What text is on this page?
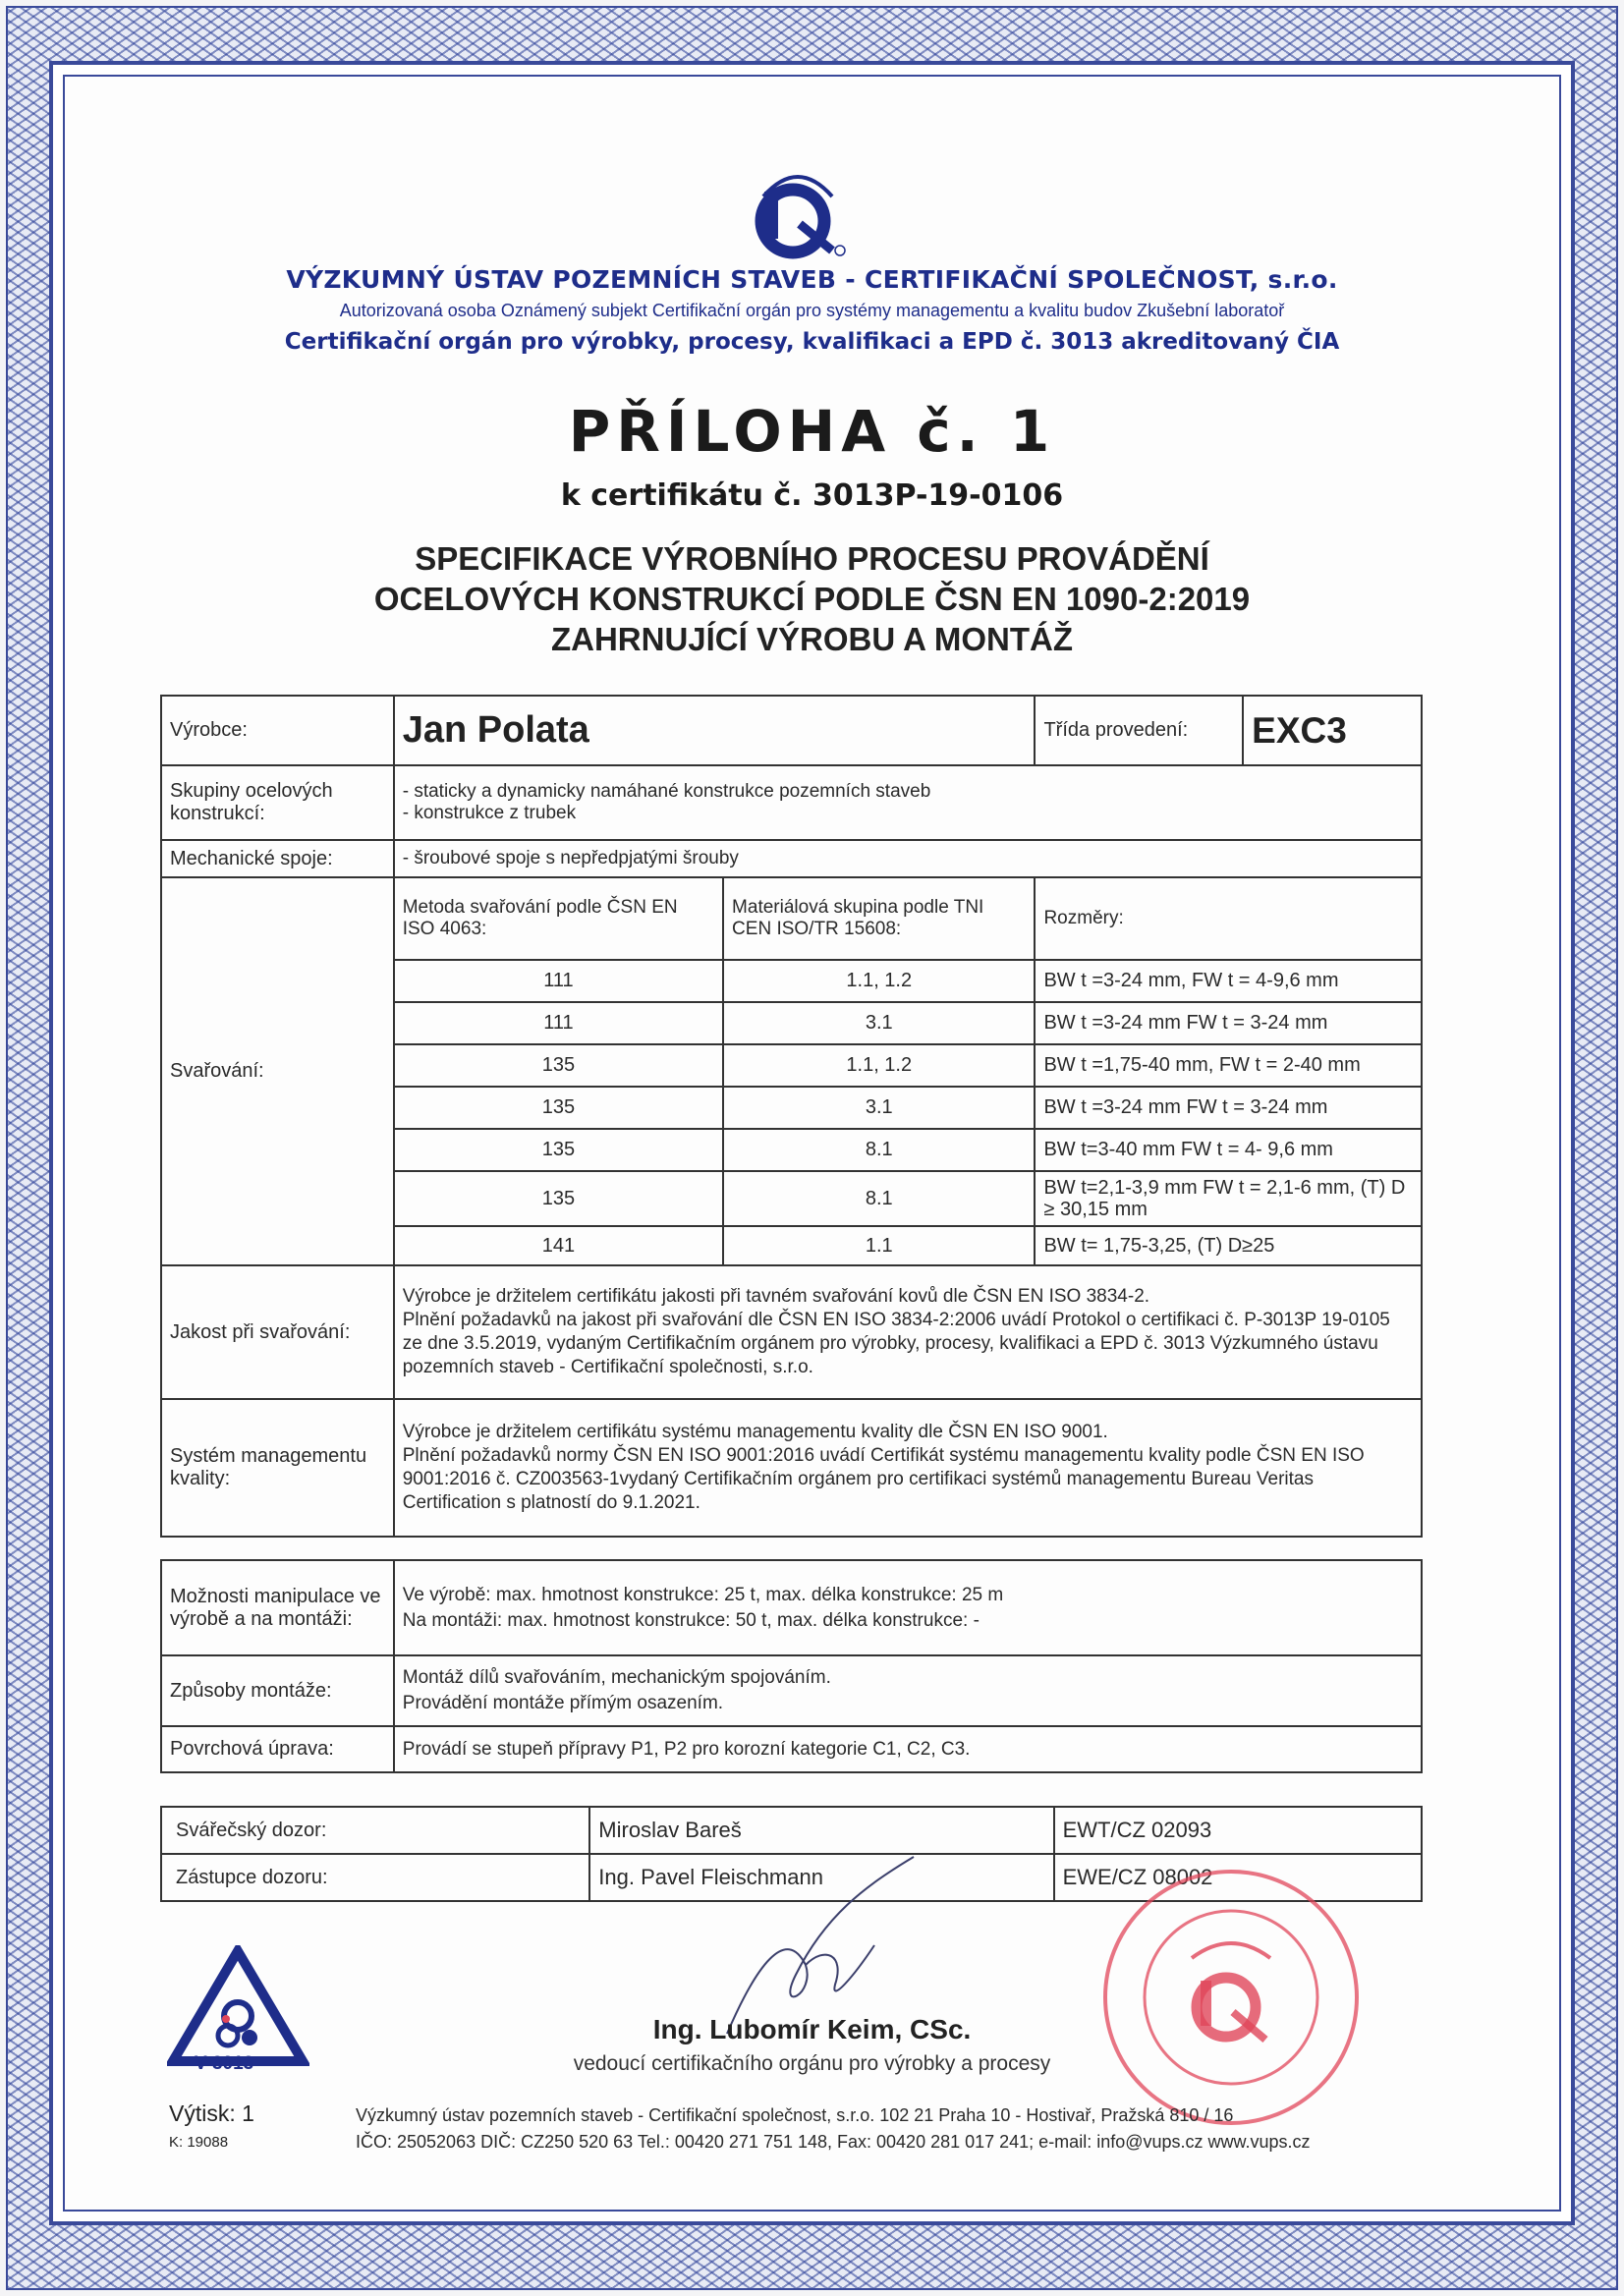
VÝZKUMNÝ ÚSTAV POZEMNÍCH STAVEB - CERTIFIKAČNÍ SPOLEČNOST, s.r.o.
Autorizovaná osoba Oznámený subjekt Certifikační orgán pro systémy managementu a kvalitu budov Zkušební laboratoř
Certifikační orgán pro výrobky, procesy, kvalifikaci a EPD č. 3013 akreditovaný ČIA
PŘÍLOHA č. 1
k certifikátu č. 3013P-19-0106
SPECIFIKACE VÝROBNÍHO PROCESU PROVÁDĚNÍ
OCELOVÝCH KONSTRUKCÍ PODLE ČSN EN 1090-2:2019
ZAHRNUJÍCÍ VÝROBU A MONTÁŽ
Výrobce:	Jan Polata		Třída provedení:	EXC3
Skupiny ocelových konstrukcí:	- staticky a dynamicky namáhané konstrukce pozemních staveb
- konstrukce z trubek			

Mechanické spoje:	- šroubové spoje s nepředpjatými šrouby			
Svařování:	Metoda svařování podle ČSN EN ISO 4063:	Materiálová skupina podle TNI CEN ISO/TR 15608:	Rozměry:	
	111	1.1, 1.2	BW t =3-24 mm, FW t = 4-9,6 mm	
	111	3.1	BW t =3-24 mm FW t = 3-24 mm	
	135	1.1, 1.2	BW t =1,75-40 mm, FW t = 2-40 mm	
	135	3.1	BW t =3-24 mm FW t = 3-24 mm	
	135	8.1	BW t=3-40 mm FW t = 4- 9,6 mm	
	135	8.1	BW t=2,1-3,9 mm FW t = 2,1-6 mm, (T) D ≥ 30,15 mm	
	141	1.1	BW t= 1,75-3,25, (T) D≥25	
Jakost při svařování:	Výrobce je držitelem certifikátu jakosti při tavném svařování kovů dle ČSN EN ISO 3834-2.
Plnění požadavků na jakost při svařování dle ČSN EN ISO 3834-2:2006 uvádí Protokol o certifikaci č. P-3013P 19-0105 ze dne 3.5.2019, vydaným Certifikačním orgánem pro výrobky, procesy, kvalifikaci a EPD č. 3013 Výzkumného ústavu pozemních staveb - Certifikační společnosti, s.r.o.			

Systém managementu kvality:	Výrobce je držitelem certifikátu systému managementu kvality dle ČSN EN ISO 9001.
Plnění požadavků normy ČSN EN ISO 9001:2016 uvádí Certifikát systému managementu kvality podle ČSN EN ISO 9001:2016 č. CZ003563-1vydaný Certifikačním orgánem pro certifikaci systémů managementu Bureau Veritas Certification s platností do 9.1.2021.			
Možnosti manipulace ve výrobě a na montáži:	Ve výrobě: max. hmotnost konstrukce: 25 t, max. délka konstrukce: 25 m
Na montáži: max. hmotnost konstrukce: 50 t, max. délka konstrukce: -

Způsoby montáže:	Montáž dílů svařováním, mechanickým spojováním.
Provádění montáže přímým osazením.

Povrchová úprava:	Provádí se stupeň přípravy P1, P2 pro korozní kategorie C1, C2, C3.
Svářečský dozor:	Miroslav Bareš	EWT/CZ 02093
Zástupce dozoru:	Ing. Pavel Fleischmann	EWE/CZ 08002
V 3013
Ing. Lubomír Keim, CSc.
vedoucí certifikačního orgánu pro výrobky a procesy
Výtisk: 1
K: 19088
Výzkumný ústav pozemních staveb - Certifikační společnost, s.r.o. 102 21 Praha 10 - Hostivař, Pražská 810 / 16
IČO: 25052063 DIČ: CZ250 520 63 Tel.: 00420 271 751 148, Fax: 00420 281 017 241; e-mail: info@vups.cz www.vups.cz
